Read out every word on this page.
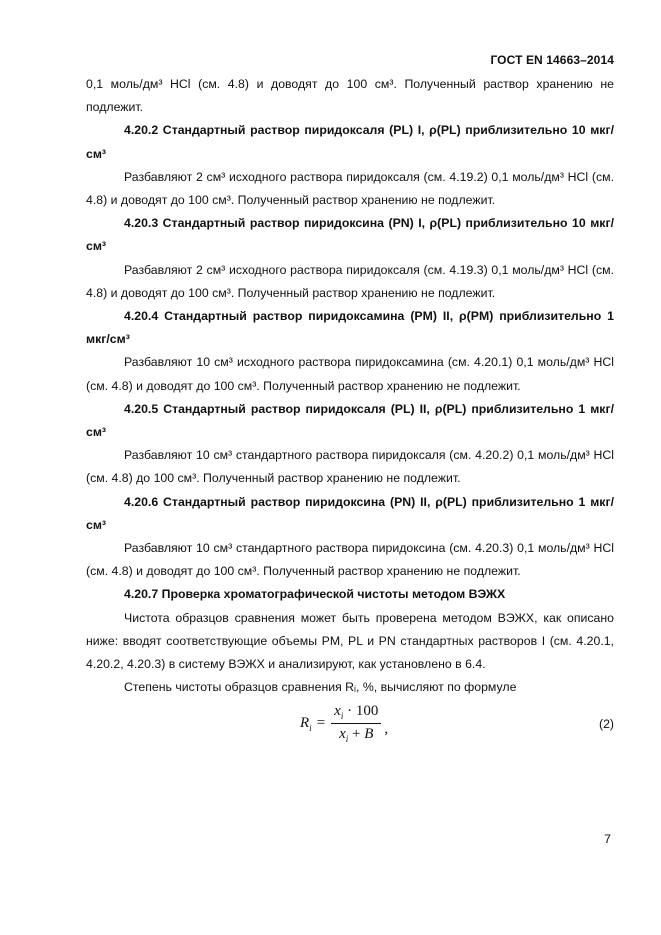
ГОСТ EN 14663–2014

0,1 моль/дм³ HCl (см. 4.8) и доводят до 100 см³. Полученный раствор хранению не подлежит.

4.20.2 Стандартный раствор пиридоксаля (PL) I, ρ(PL) приблизительно 10 мкг/см³

Разбавляют 2 см³ исходного раствора пиридоксаля (см. 4.19.2) 0,1 моль/дм³ HCl (см. 4.8) и доводят до 100 см³. Полученный раствор хранению не подлежит.

4.20.3 Стандартный раствор пиридоксина (PN) I, ρ(PL) приблизительно 10 мкг/см³

Разбавляют 2 см³ исходного раствора пиридоксаля (см. 4.19.3) 0,1 моль/дм³ HCl (см. 4.8) и доводят до 100 см³. Полученный раствор хранению не подлежит.

4.20.4 Стандартный раствор пиридоксамина (PM) II, ρ(PM) приблизительно 1 мкг/см³

Разбавляют 10 см³ исходного раствора пиридоксамина (см. 4.20.1) 0,1 моль/дм³ HCl (см. 4.8) и доводят до 100 см³. Полученный раствор хранению не подлежит.

4.20.5 Стандартный раствор пиридоксаля (PL) II, ρ(PL) приблизительно 1 мкг/см³

Разбавляют 10 см³ стандартного раствора пиридоксаля (см. 4.20.2) 0,1 моль/дм³ HCl (см. 4.8) до 100 см³. Полученный раствор хранению не подлежит.

4.20.6 Стандартный раствор пиридоксина (PN) II, ρ(PL) приблизительно 1 мкг/см³

Разбавляют 10 см³ стандартного раствора пиридоксина (см. 4.20.3) 0,1 моль/дм³ HCl (см. 4.8) и доводят до 100 см³. Полученный раствор хранению не подлежит.

4.20.7 Проверка хроматографической чистоты методом ВЭЖХ

Чистота образцов сравнения может быть проверена методом ВЭЖХ, как описано ниже: вводят соответствующие объемы PM, PL и PN стандартных растворов I (см. 4.20.1, 4.20.2, 4.20.3) в систему ВЭЖХ и анализируют, как установлено в 6.4.

Степень чистоты образцов сравнения Rᵢ, %, вычисляют по формуле

$R_i = \frac{x_i \cdot 100}{x_i + B}$ ,	(2)
7
